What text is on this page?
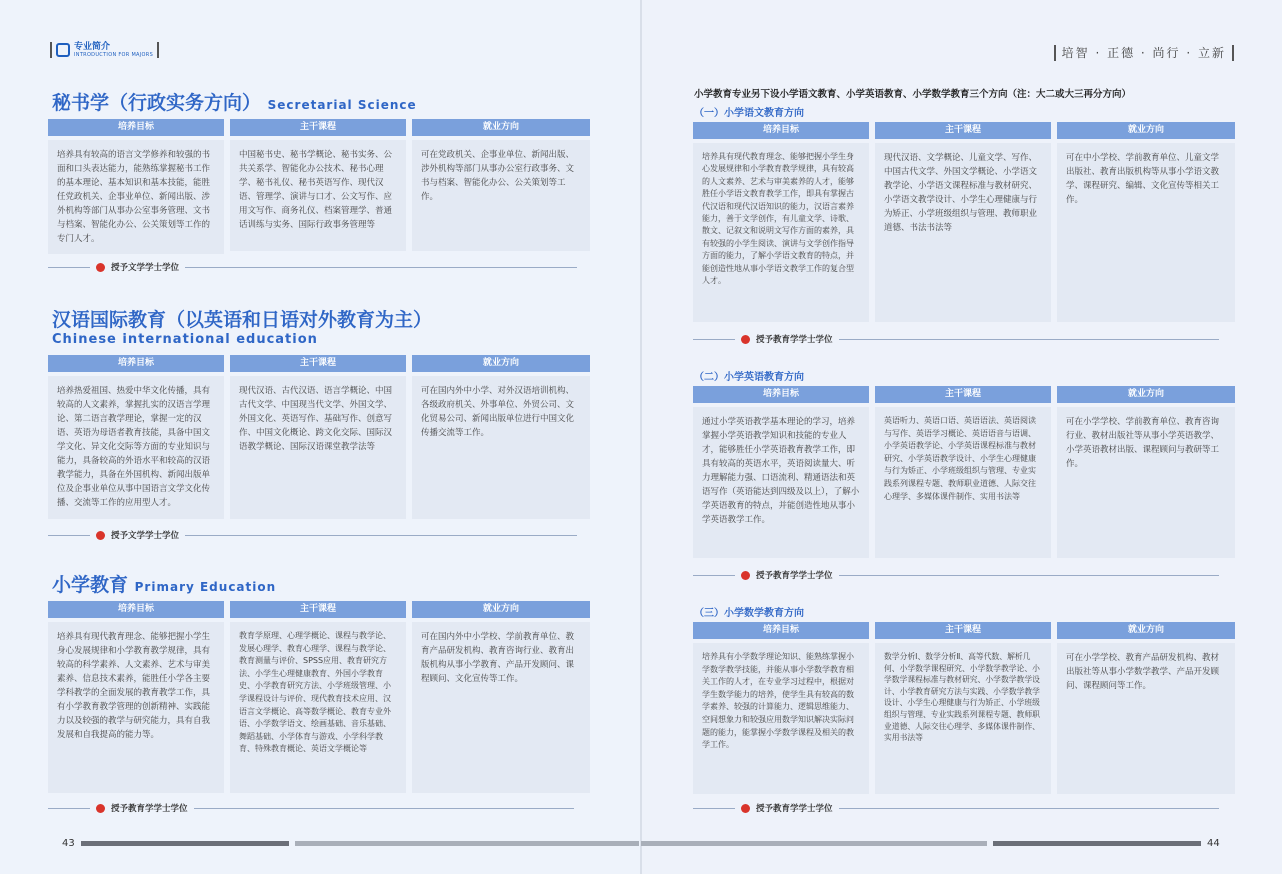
专业简介
INTRODUCTION FOR MAJORS	培智 · 正德 · 尚行 · 立新
秘书学（行政实务方向） Secretarial Science
培养目标
培养具有较高的语言文学修养和较强的书面和口头表达能力，能熟练掌握秘书工作的基本理论、基本知识和基本技能，能胜任党政机关、企事业单位、新闻出版、涉外机构等部门从事办公室事务管理、文书与档案、智能化办公、公关策划等工作的专门人才。
主干课程
中国秘书史、秘书学概论、秘书实务、公共关系学、智能化办公技术、秘书心理学、秘书礼仪、秘书英语写作、现代汉语、管理学、演讲与口才、公文写作、应用文写作、商务礼仪、档案管理学、普通话训练与实务、国际行政事务管理等
就业方向
可在党政机关、企事业单位、新闻出版、涉外机构等部门从事办公室行政事务、文书与档案、智能化办公、公关策划等工作。
授予文学学士学位
汉语国际教育（以英语和日语对外教育为主）
Chinese international education
培养目标
培养热爱祖国、热爱中华文化传播，具有较高的人文素养，掌握扎实的汉语言学理论、第二语言教学理论，掌握一定的汉语、英语为母语者教育技能，具备中国文学文化、异文化交际等方面的专业知识与能力，具备较高的外语水平和较高的汉语教学能力，具备在外国机构、新闻出版单位及企事业单位从事中国语言文学文化传播、交流等工作的应用型人才。
主干课程
现代汉语、古代汉语、语言学概论、中国古代文学、中国现当代文学、外国文学、外国文化、英语写作、基础写作、创意写作、中国文化概论、跨文化交际、国际汉语教学概论、国际汉语课堂教学法等
就业方向
可在国内外中小学、对外汉语培训机构、各级政府机关、外事单位、外贸公司、文化贸易公司、新闻出版单位进行中国文化传播交流等工作。
授予文学学士学位
小学教育 Primary Education
培养目标
培养具有现代教育理念、能够把握小学生身心发展规律和小学教育教学规律，具有较高的科学素养、人文素养、艺术与审美素养、信息技术素养，能胜任小学各主要学科教学的全面发展的教育教学工作，具有小学教育教学管理的创新精神、实践能力以及较强的教学与研究能力，具有自我发展和自我提高的能力等。
主干课程
教育学原理、心理学概论、课程与教学论、发展心理学、教育心理学、课程与教学论、教育测量与评价、SPSS应用、教育研究方法、小学生心理健康教育、外国小学教育史、小学教育研究方法、小学班级管理、小学课程设计与评价、现代教育技术应用、汉语言文学概论、高等数学概论、教育专业外语、小学数学语文、绘画基础、音乐基础、舞蹈基础、小学体育与游戏、小学科学教育、特殊教育概论、英语文学概论等
就业方向
可在国内外中小学校、学前教育单位、教育产品研发机构、教育咨询行业、教育出版机构从事小学教育、产品开发顾问、课程顾问、文化宣传等工作。
授予教育学学士学位
小学教育专业另下设小学语文教育、小学英语教育、小学数学教育三个方向（注：大二或大三再分方向）
（一）小学语文教育方向
培养目标
培养具有现代教育理念、能够把握小学生身心发展规律和小学教育教学规律，具有较高的人文素养、艺术与审美素养的人才，能够胜任小学语文教育教学工作，即具有掌握古代汉语和现代汉语知识的能力，汉语言素养能力，善于文学创作，有儿童文学、诗歌、散文、记叙文和说明文写作方面的素养，具有较强的小学生阅读、演讲与文学创作指导方面的能力，了解小学语文教育的特点，并能创造性地从事小学语文教学工作的复合型人才。
主干课程
现代汉语、文学概论、儿童文学、写作、中国古代文学、外国文学概论、小学语文教学论、小学语文课程标准与教材研究、小学语文教学设计、小学生心理健康与行为矫正、小学班级组织与管理、教师职业道德、书法书法等
就业方向
可在中小学校、学前教育单位、儿童文学出版社、教育出版机构等从事小学语文教学、课程研究、编辑、文化宣传等相关工作。
授予教育学学士学位
（二）小学英语教育方向
培养目标
通过小学英语教学基本理论的学习，培养掌握小学英语教学知识和技能的专业人才，能够胜任小学英语教育教学工作，即具有较高的英语水平，英语阅读量大、听力理解能力强、口语流利、精通语法和英语写作（英语能达到四级及以上），了解小学英语教育的特点，并能创造性地从事小学英语教学工作。
主干课程
英语听力、英语口语、英语语法、英语阅读与写作、英语学习概论、英语语音与语调、小学英语教学论、小学英语课程标准与教材研究、小学英语教学设计、小学生心理健康与行为矫正、小学班级组织与管理、专业实践系列课程专题、教师职业道德、人际交往心理学、多媒体课件制作、实用书法等
就业方向
可在小学学校、学前教育单位、教育咨询行业、教材出版社等从事小学英语教学、小学英语教材出版、课程顾问与教研等工作。
授予教育学学士学位
（三）小学数学教育方向
培养目标
培养具有小学数学理论知识、能熟练掌握小学数学教学技能，并能从事小学数学教育相关工作的人才，在专业学习过程中，根据对学生数学能力的培养，使学生具有较高的数学素养、较强的计算能力、逻辑思维能力、空间想象力和较强应用数学知识解决实际问题的能力，能掌握小学数学课程及相关的教学工作。
主干课程
数学分析Ⅰ、数学分析Ⅱ、高等代数、解析几何、小学数学课程研究、小学数学教学论、小学数学课程标准与教材研究、小学数学教学设计、小学教育研究方法与实践、小学数学教学设计、小学生心理健康与行为矫正、小学班级组织与管理、专业实践系列课程专题、教师职业道德、人际交往心理学、多媒体课件制作、实用书法等
就业方向
可在小学学校、教育产品研发机构、教材出版社等从事小学数学教学、产品开发顾问、课程顾问等工作。
授予教育学学士学位
43	44
